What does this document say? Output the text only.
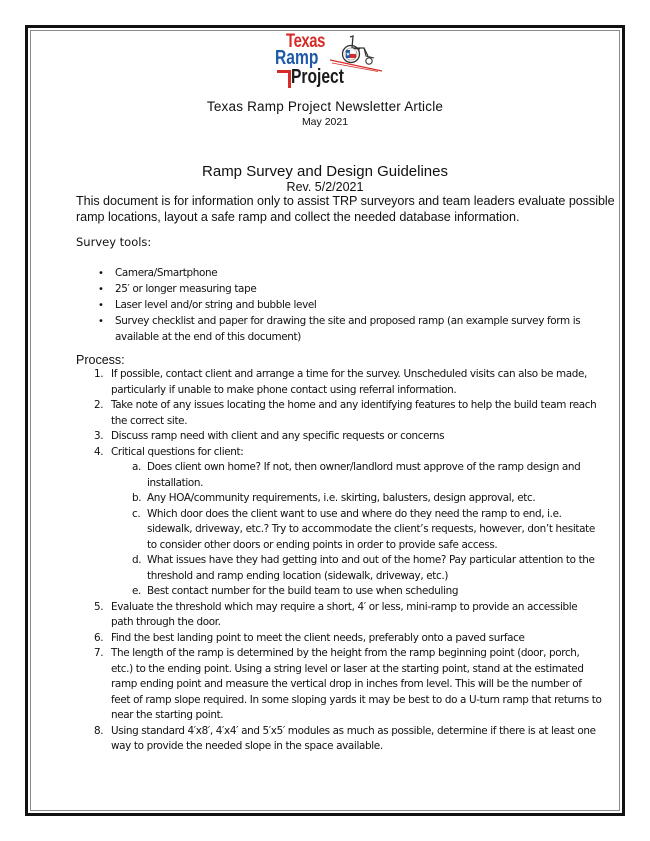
Texas
Ramp
Project
Texas Ramp Project Newsletter Article
May 2021
Ramp Survey and Design Guidelines
Rev. 5/2/2021
This document is for information only to assist TRP surveyors and team leaders evaluate possible ramp locations, layout a safe ramp and collect the needed database information.
Survey tools:
• Camera/Smartphone
• 25′ or longer measuring tape
• Laser level and/or string and bubble level
• Survey checklist and paper for drawing the site and proposed ramp (an example survey form is available at the end of this document)
Process:
1. If possible, contact client and arrange a time for the survey. Unscheduled visits can also be made, particularly if unable to make phone contact using referral information.
2. Take note of any issues locating the home and any identifying features to help the build team reach the correct site.
3. Discuss ramp need with client and any specific requests or concerns
4. Critical questions for client:
a. Does client own home? If not, then owner/landlord must approve of the ramp design and installation.
b. Any HOA/community requirements, i.e. skirting, balusters, design approval, etc.
c. Which door does the client want to use and where do they need the ramp to end, i.e. sidewalk, driveway, etc.? Try to accommodate the client’s requests, however, don’t hesitate to consider other doors or ending points in order to provide safe access.
d. What issues have they had getting into and out of the home? Pay particular attention to the threshold and ramp ending location (sidewalk, driveway, etc.)
e. Best contact number for the build team to use when scheduling
5. Evaluate the threshold which may require a short, 4′ or less, mini-ramp to provide an accessible path through the door.
6. Find the best landing point to meet the client needs, preferably onto a paved surface
7. The length of the ramp is determined by the height from the ramp beginning point (door, porch, etc.) to the ending point. Using a string level or laser at the starting point, stand at the estimated ramp ending point and measure the vertical drop in inches from level. This will be the number of feet of ramp slope required. In some sloping yards it may be best to do a U-turn ramp that returns to near the starting point.
8. Using standard 4′x8′, 4′x4′ and 5′x5′ modules as much as possible, determine if there is at least one way to provide the needed slope in the space available.
